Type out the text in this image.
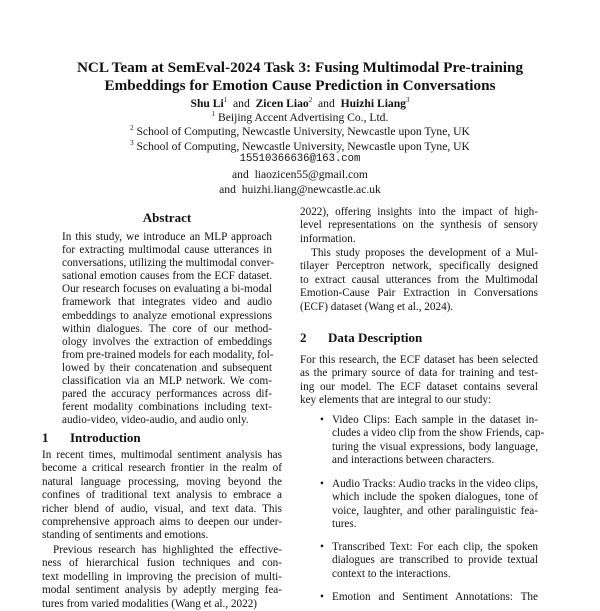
NCL Team at SemEval-2024 Task 3: Fusing Multimodal Pre-training
Embeddings for Emotion Cause Prediction in Conversations
Shu Li$^1$ and Zicen Liao$^2$ and Huizhi Liang$^3$
$^1$ Beijing Accent Advertising Co., Ltd.
$^2$ School of Computing, Newcastle University, Newcastle upon Tyne, UK
$^3$ School of Computing, Newcastle University, Newcastle upon Tyne, UK
15510366636@163.com
and liaozicen55@gmail.com
and huizhi.liang@newcastle.ac.uk
Abstract
In this study, we introduce an MLP approach
for extracting multimodal cause utterances in
conversations, utilizing the multimodal conver-
sational emotion causes from the ECF dataset.
Our research focuses on evaluating a bi-modal
framework that integrates video and audio
embeddings to analyze emotional expressions
within dialogues. The core of our method-
ology involves the extraction of embeddings
from pre-trained models for each modality, fol-
lowed by their concatenation and subsequent
classification via an MLP network. We com-
pared the accuracy performances across dif-
ferent modality combinations including text-
audio-video, video-audio, and audio only.
1 Introduction
In recent times, multimodal sentiment analysis has
become a critical research frontier in the realm of
natural language processing, moving beyond the
confines of traditional text analysis to embrace a
richer blend of audio, visual, and text data. This
comprehensive approach aims to deepen our under-
standing of sentiments and emotions.
Previous research has highlighted the effective-
ness of hierarchical fusion techniques and con-
text modelling in improving the precision of multi-
modal sentiment analysis by adeptly merging fea-
tures from varied modalities (Wang et al., 2022)
2022), offering insights into the impact of high-
level representations on the synthesis of sensory
information.
This study proposes the development of a Mul-
tilayer Perceptron network, specifically designed
to extract causal utterances from the Multimodal
Emotion-Cause Pair Extraction in Conversations
(ECF) dataset (Wang et al., 2024).
2 Data Description
For this research, the ECF dataset has been selected
as the primary source of data for training and test-
ing our model. The ECF dataset contains several
key elements that are integral to our study:
• Video Clips: Each sample in the dataset in-
cludes a video clip from the show Friends, cap-
turing the visual expressions, body language,
and interactions between characters.
• Audio Tracks: Audio tracks in the video clips,
which include the spoken dialogues, tone of
voice, laughter, and other paralinguistic fea-
tures.
• Transcribed Text: For each clip, the spoken
dialogues are transcribed to provide textual
context to the interactions.
• Emotion and Sentiment Annotations: The
